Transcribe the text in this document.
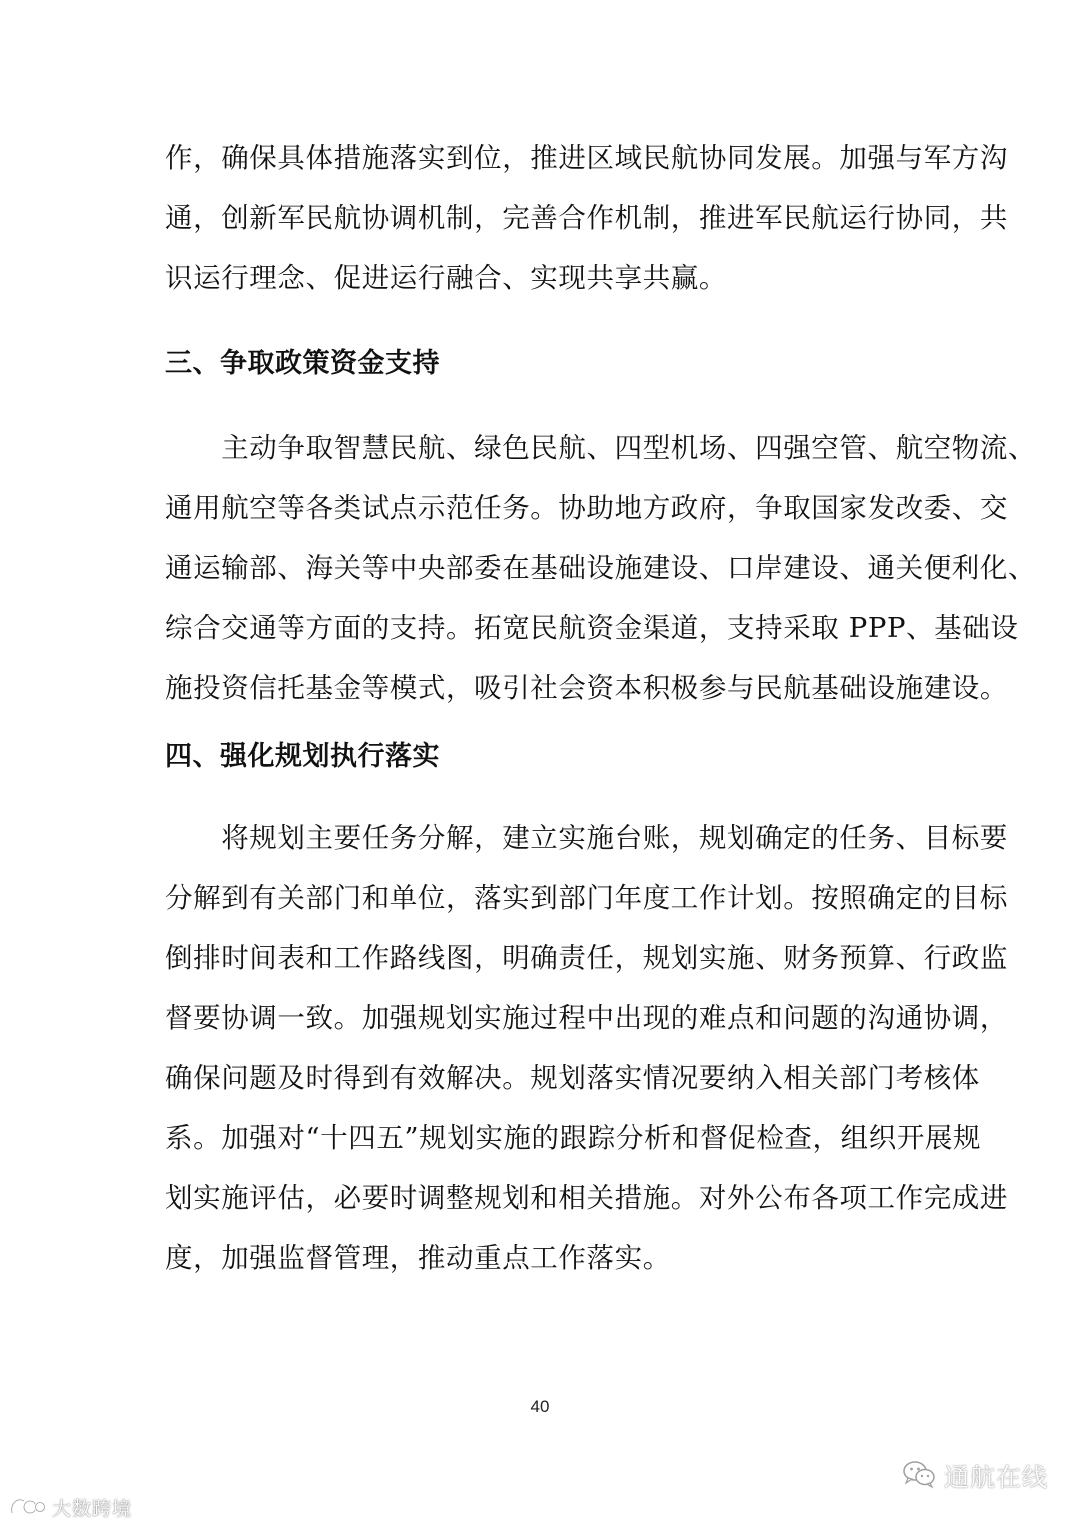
作，确保具体措施落实到位，推进区域民航协同发展。加强与军方沟
通，创新军民航协调机制，完善合作机制，推进军民航运行协同，共
识运行理念、促进运行融合、实现共享共赢。
三、争取政策资金支持
　　主动争取智慧民航、绿色民航、四型机场、四强空管、航空物流、
通用航空等各类试点示范任务。协助地方政府，争取国家发改委、交
通运输部、海关等中央部委在基础设施建设、口岸建设、通关便利化、
综合交通等方面的支持。拓宽民航资金渠道，支持采取 PPP、基础设
施投资信托基金等模式，吸引社会资本积极参与民航基础设施建设。
四、强化规划执行落实
　　将规划主要任务分解，建立实施台账，规划确定的任务、目标要
分解到有关部门和单位，落实到部门年度工作计划。按照确定的目标
倒排时间表和工作路线图，明确责任，规划实施、财务预算、行政监
督要协调一致。加强规划实施过程中出现的难点和问题的沟通协调，
确保问题及时得到有效解决。规划落实情况要纳入相关部门考核体
系。加强对“十四五”规划实施的跟踪分析和督促检查，组织开展规
划实施评估，必要时调整规划和相关措施。对外公布各项工作完成进
度，加强监督管理，推动重点工作落实。
40
通航在线
大数跨境
